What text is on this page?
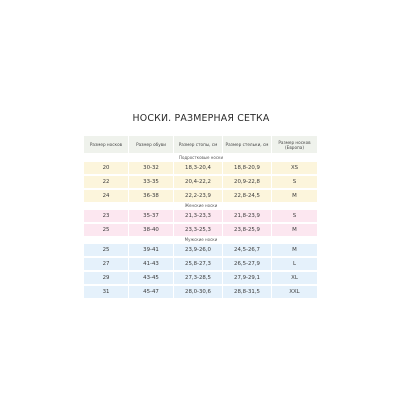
НОСКИ. РАЗМЕРНАЯ СЕТКА
Размер носков	Размер обуви	Размер стопы, см	Размер стельки, см	Размер носков
(Европа)
Подростковые носки
20	30-32	18,3-20,4	18,8-20,9	XS
22	33-35	20,4-22,2	20,9-22,8	S
24	36-38	22,2-23,9	22,8-24,5	M
Женские носки
23	35-37	21,3-23,3	21,8-23,9	S
25	38-40	23,3-25,3	23,8-25,9	M
Мужские носки
25	39-41	23,9-26,0	24,5-26,7	M
27	41-43	25,8-27,3	26,5-27,9	L
29	43-45	27,3-28,5	27,9-29,1	XL
31	45-47	28,0-30,6	28,8-31,5	XXL
